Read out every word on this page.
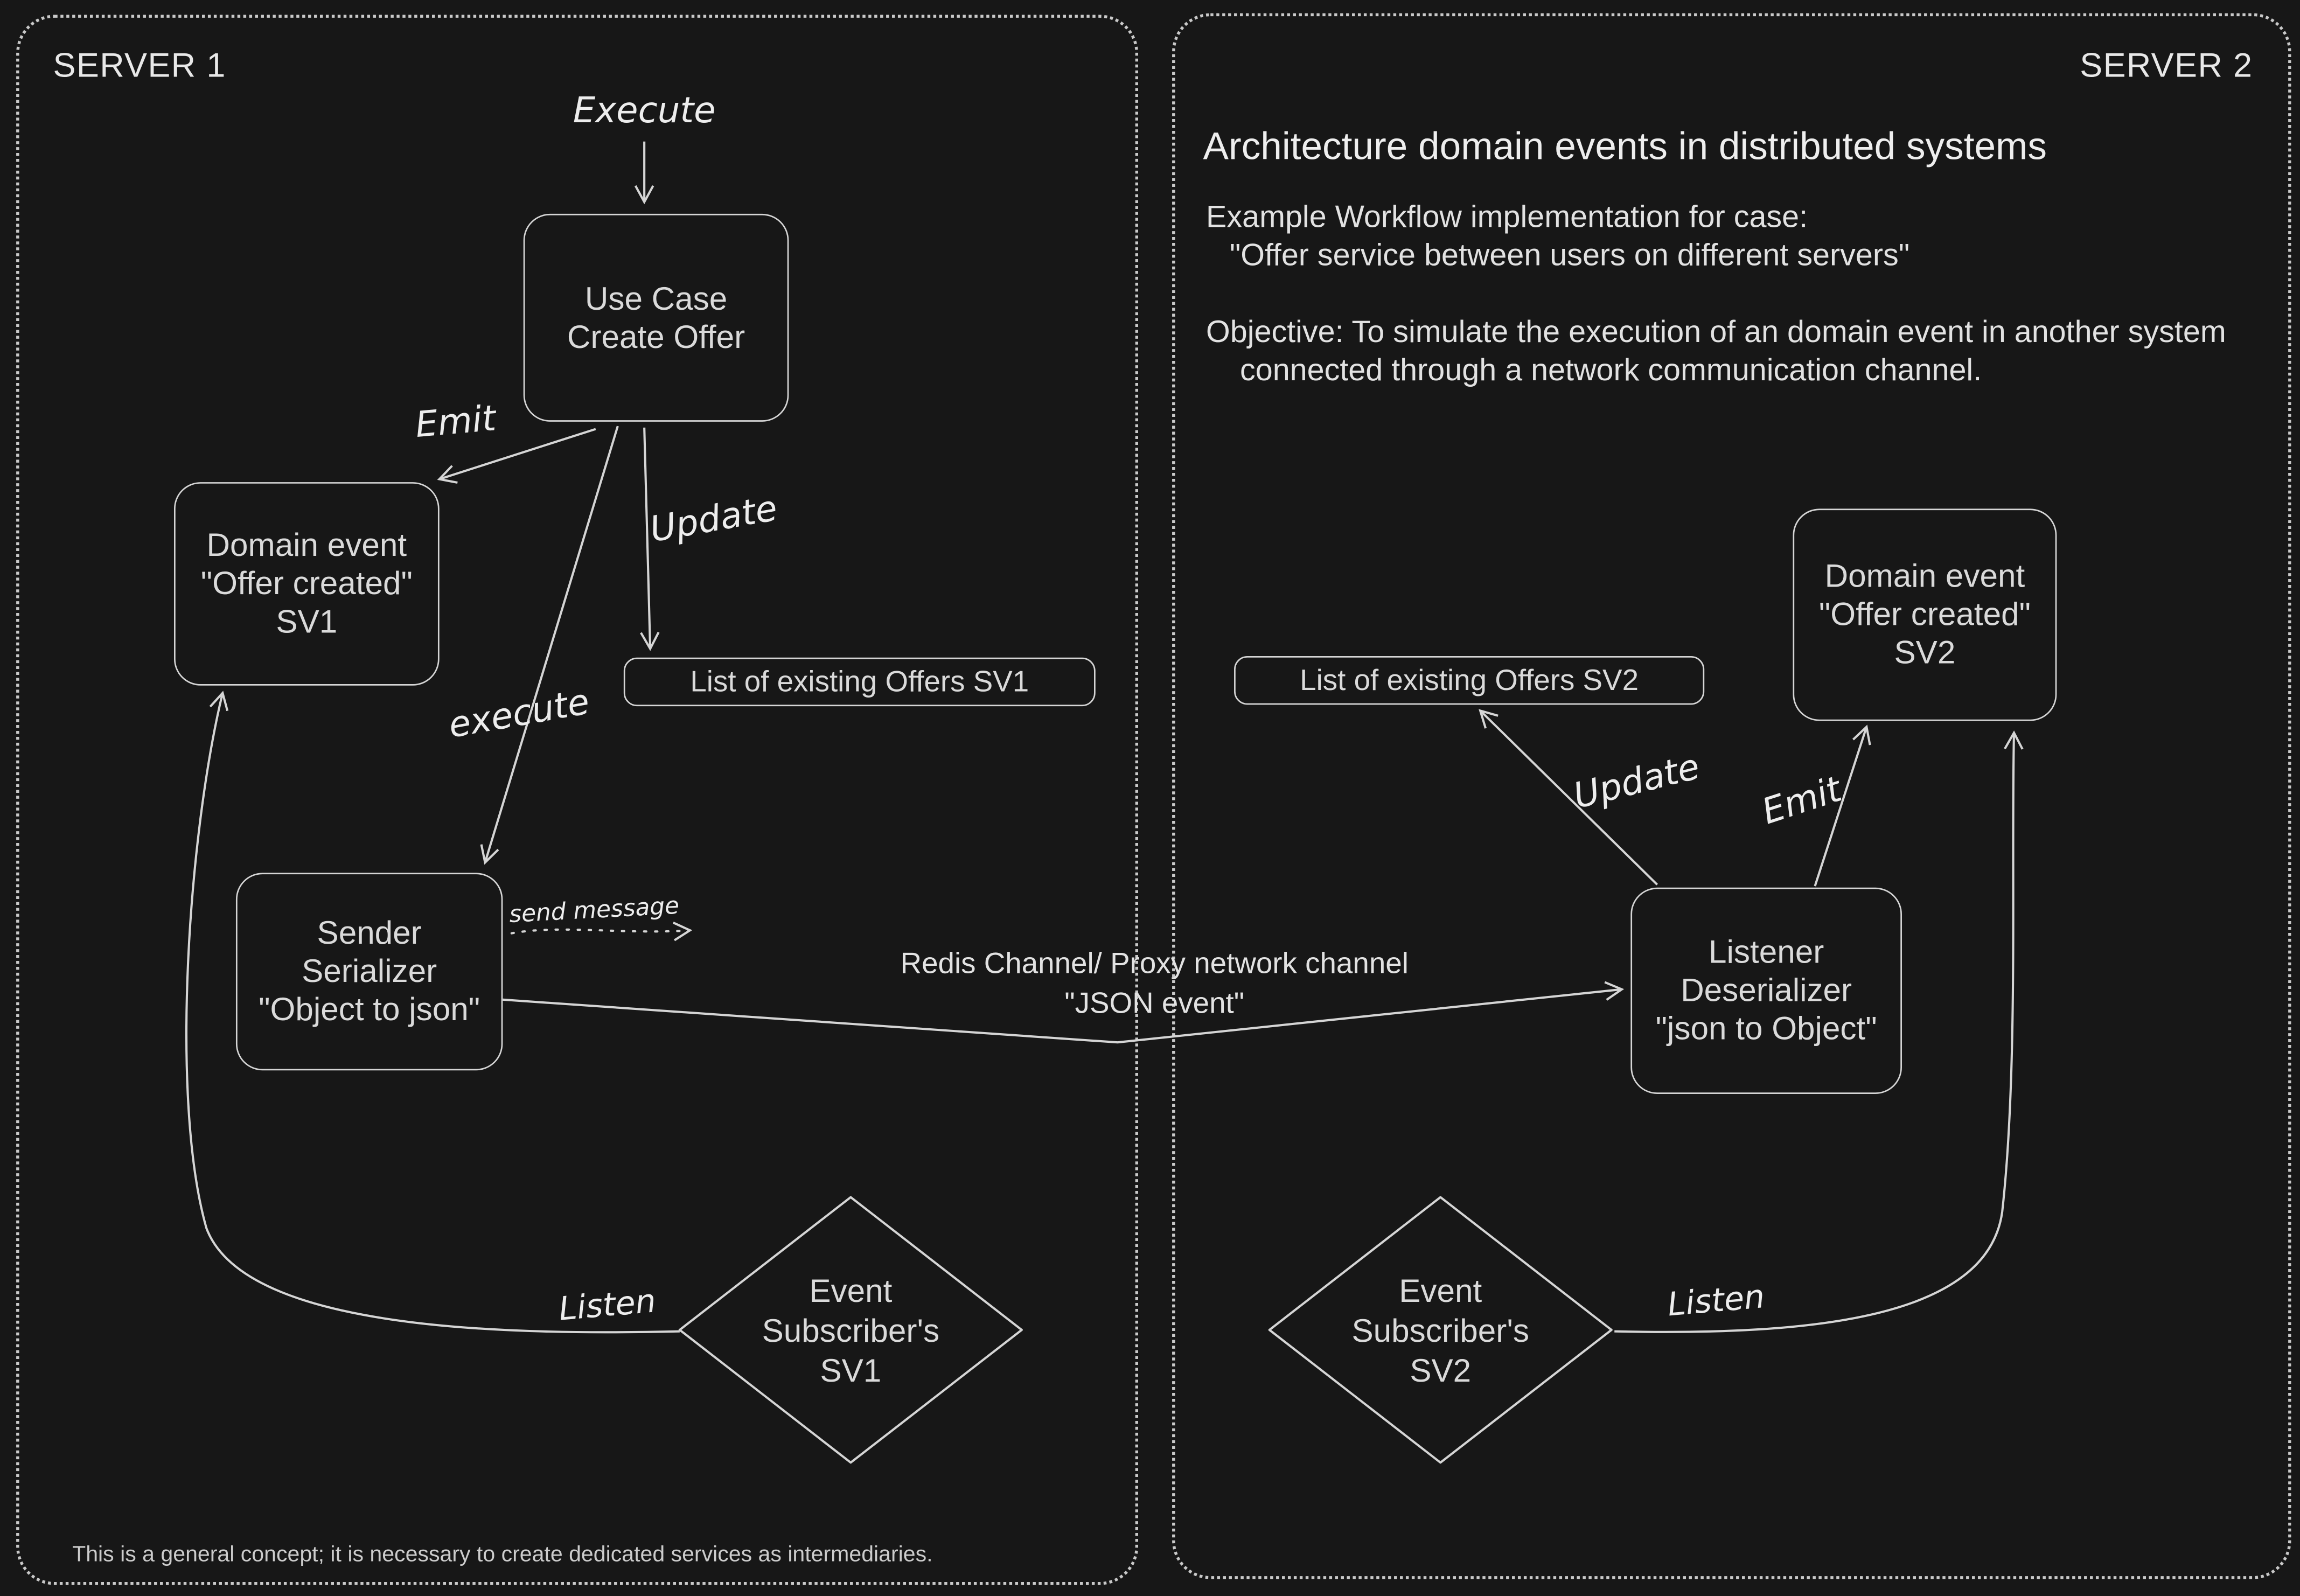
SERVER 1	SERVER 2
Use Case
Create Offer
Domain event
"Offer created"
SV1
List of existing Offers SV1
Sender
Serializer
"Object to json"
Event
Subscriber's
SV1
Execute
Emit
Update
execute
send message
Listen
This is a general concept; it is necessary to create dedicated services as intermediaries.
Redis Channel/ Proxy network channel
"JSON event"
Architecture domain events in distributed systems
Example Workflow implementation for case:
"Offer service between users on different servers"
Objective: To simulate the execution of an domain event in another system
connected through a network communication channel.
List of existing Offers SV2
Domain event
"Offer created"
SV2
Listener
Deserializer
"json to Object"
Event
Subscriber's
SV2
Update	Emit
Listen
